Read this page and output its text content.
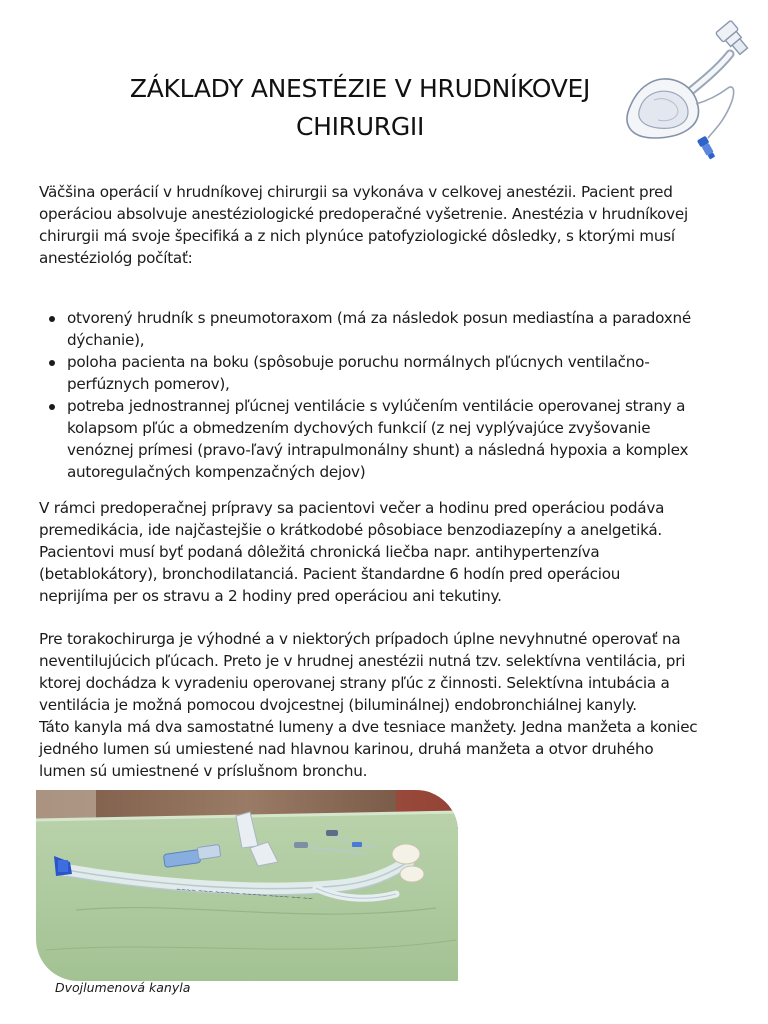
ZÁKLADY ANESTÉZIE V HRUDNÍKOVEJ
CHIRURGII

Väčšina operácií v hrudníkovej chirurgii sa vykonáva v celkovej anestézii. Pacient pred
operáciou absolvuje anestéziologické predoperačné vyšetrenie. Anestézia v hrudníkovej
chirurgii má svoje špecifiká a z nich plynúce patofyziologické dôsledky, s ktorými musí
anestéziológ počítať:

otvorený hrudník s pneumotoraxom (má za následok posun mediastína a paradoxné
dýchanie),
poloha pacienta na boku (spôsobuje poruchu normálnych pľúcnych ventilačno-
perfúznych pomerov),
potreba jednostrannej pľúcnej ventilácie s vylúčením ventilácie operovanej strany a
kolapsom pľúc a obmedzením dychových funkcií (z nej vyplývajúce zvyšovanie
venóznej prímesi (pravo-ľavý intrapulmonálny shunt) a následná hypoxia a komplex
autoregulačných kompenzačných dejov)

V rámci predoperačnej prípravy sa pacientovi večer a hodinu pred operáciou podáva
premedikácia, ide najčastejšie o krátkodobé pôsobiace benzodiazepíny a anelgetiká.
Pacientovi musí byť podaná dôležitá chronická liečba napr. antihypertenzíva
(betablokátory), bronchodilatanciá. Pacient štandardne 6 hodín pred operáciou
neprijíma per os stravu a 2 hodiny pred operáciou ani tekutiny.

Pre torakochirurga je výhodné a v niektorých prípadoch úplne nevyhnutné operovať na
neventilujúcich pľúcach. Preto je v hrudnej anestézii nutná tzv. selektívna ventilácia, pri
ktorej dochádza k vyradeniu operovanej strany pľúc z činnosti. Selektívna intubácia a
ventilácia je možná pomocou dvojcestnej (biluminálnej) endobronchiálnej kanyly.
Táto kanyla má dva samostatné lumeny a dve tesniace manžety. Jedna manžeta a koniec
jedného lumen sú umiestené nad hlavnou karinou, druhá manžeta a otvor druhého
lumen sú umiestnené v príslušnom bronchu.

~~~~ ~~~ ~~~~~ ~~~~~ ~~~~ ~~ ~~

Dvojlumenová kanyla
